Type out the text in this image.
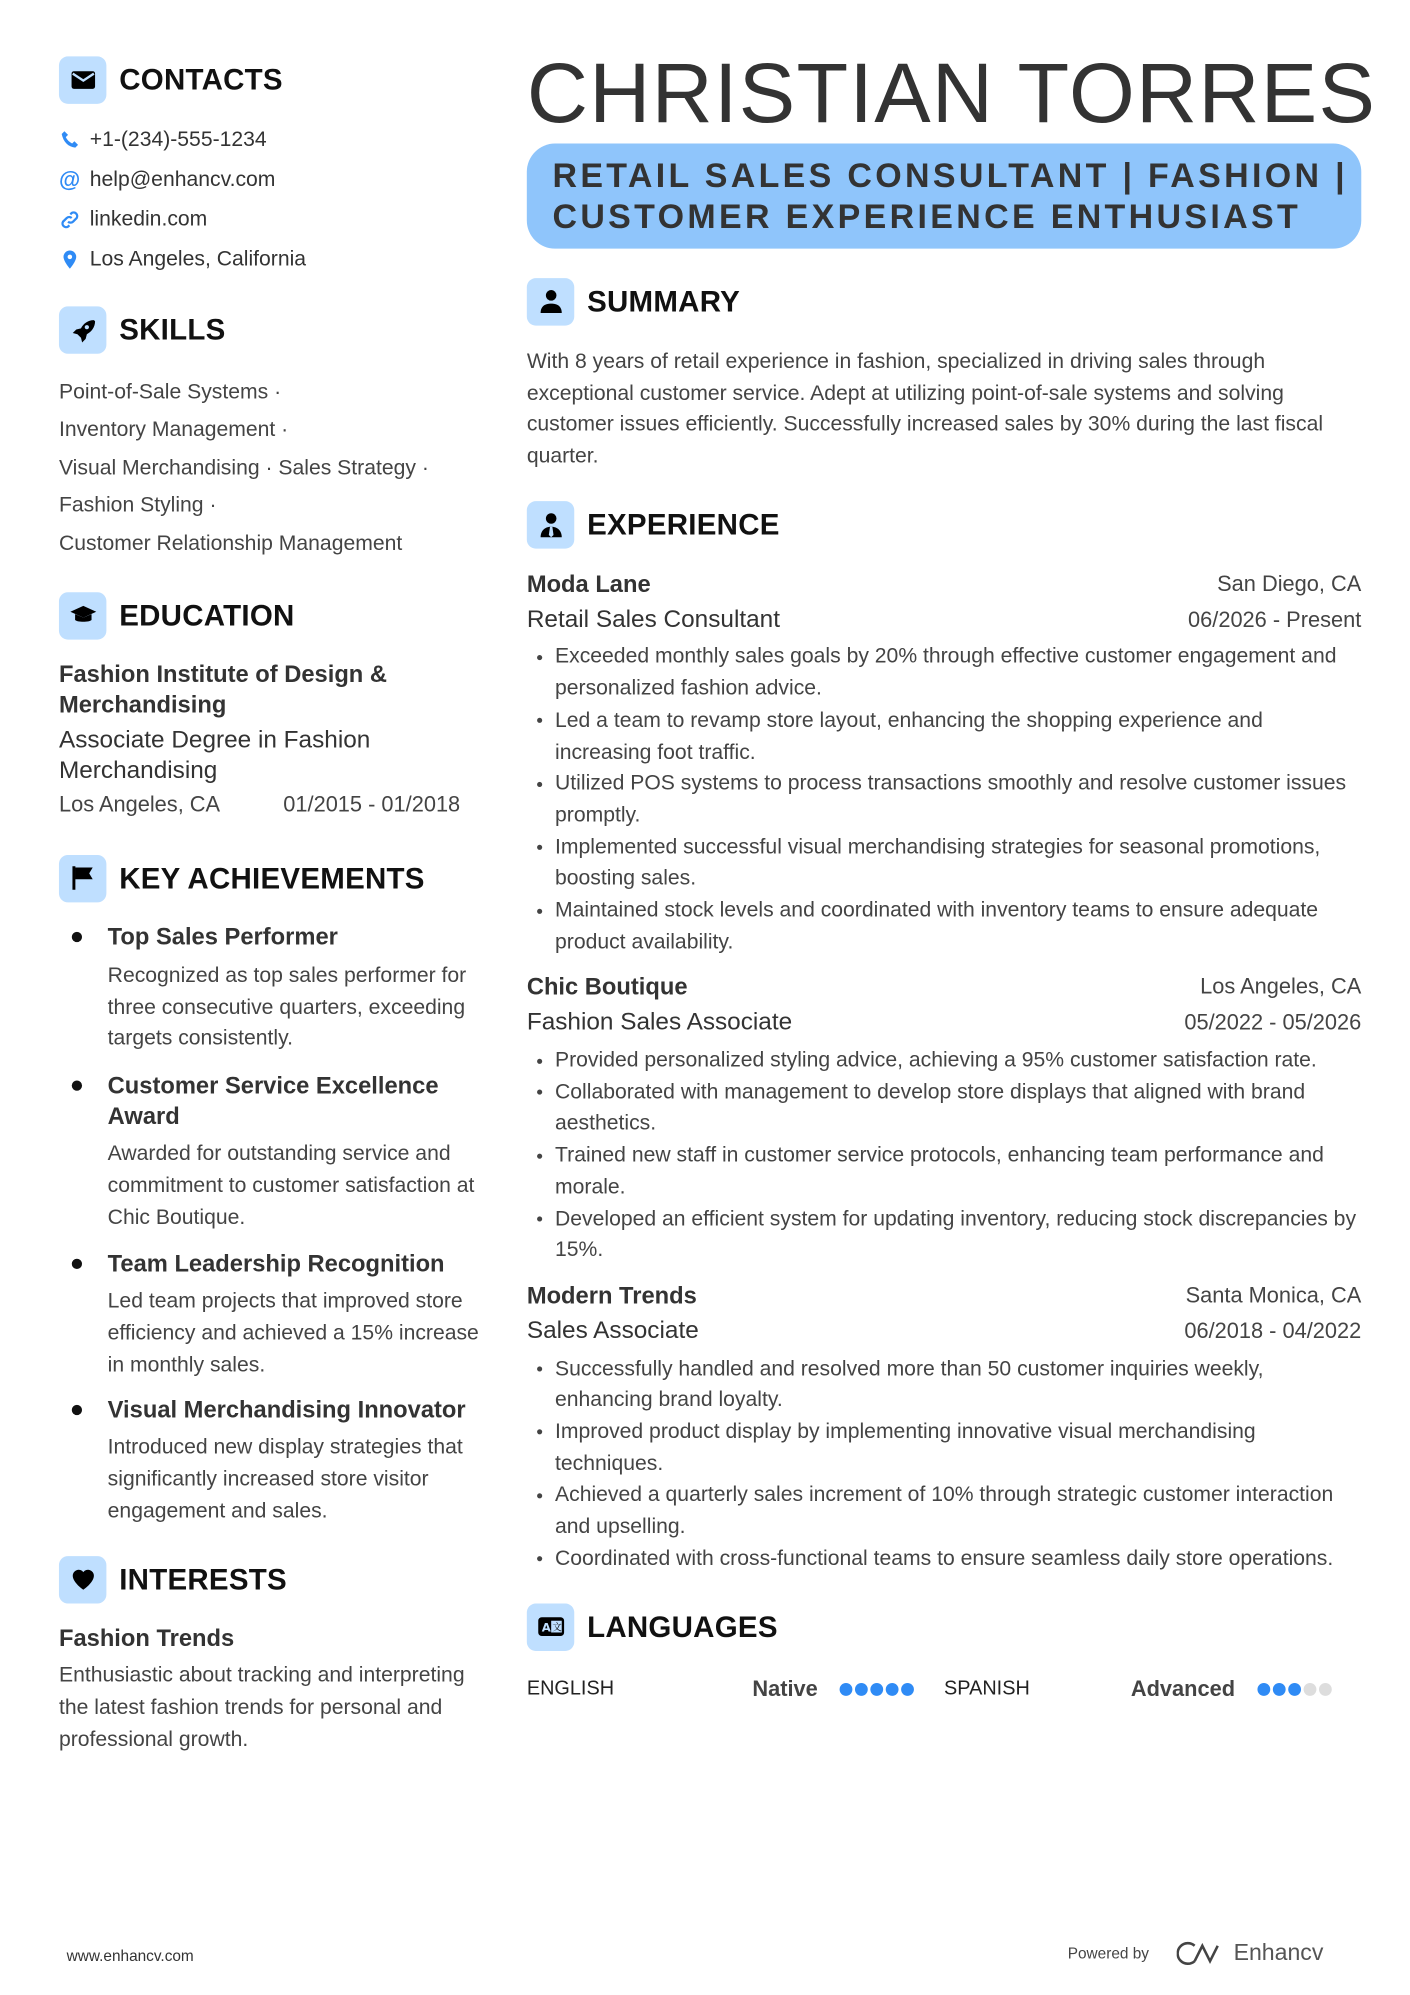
CONTACTS
+1-(234)-555-1234
@ help@enhancv.com
linkedin.com
Los Angeles, California
SKILLS
Point-of-Sale Systems ·
Inventory Management ·
Visual Merchandising · Sales Strategy ·
Fashion Styling ·
Customer Relationship Management
EDUCATION
Fashion Institute of Design & Merchandising
Associate Degree in Fashion Merchandising
Los Angeles, CA	01/2015 - 01/2018
KEY ACHIEVEMENTS
Top Sales Performer
Recognized as top sales performer for three consecutive quarters, exceeding targets consistently.
Customer Service Excellence Award
Awarded for outstanding service and commitment to customer satisfaction at Chic Boutique.
Team Leadership Recognition
Led team projects that improved store efficiency and achieved a 15% increase in monthly sales.
Visual Merchandising Innovator
Introduced new display strategies that significantly increased store visitor engagement and sales.
INTERESTS
Fashion Trends
Enthusiastic about tracking and interpreting the latest fashion trends for personal and professional growth.
CHRISTIAN TORRES
RETAIL SALES CONSULTANT | FASHION |
CUSTOMER EXPERIENCE ENTHUSIAST
SUMMARY
With 8 years of retail experience in fashion, specialized in driving sales through exceptional customer service. Adept at utilizing point-of-sale systems and solving customer issues efficiently. Successfully increased sales by 30% during the last fiscal quarter.
EXPERIENCE
Moda Lane	San Diego, CA
Retail Sales Consultant	06/2026 - Present
Exceeded monthly sales goals by 20% through effective customer engagement and personalized fashion advice.
Led a team to revamp store layout, enhancing the shopping experience and increasing foot traffic.
Utilized POS systems to process transactions smoothly and resolve customer issues promptly.
Implemented successful visual merchandising strategies for seasonal promotions, boosting sales.
Maintained stock levels and coordinated with inventory teams to ensure adequate product availability.
Chic Boutique	Los Angeles, CA
Fashion Sales Associate	05/2022 - 05/2026
Provided personalized styling advice, achieving a 95% customer satisfaction rate.
Collaborated with management to develop store displays that aligned with brand aesthetics.
Trained new staff in customer service protocols, enhancing team performance and morale.
Developed an efficient system for updating inventory, reducing stock discrepancies by 15%.
Modern Trends	Santa Monica, CA
Sales Associate	06/2018 - 04/2022
Successfully handled and resolved more than 50 customer inquiries weekly, enhancing brand loyalty.
Improved product display by implementing innovative visual merchandising techniques.
Achieved a quarterly sales increment of 10% through strategic customer interaction and upselling.
Coordinated with cross-functional teams to ensure seamless daily store operations.
A 文 LANGUAGES
ENGLISH	Native	SPANISH	Advanced
www.enhancv.com	Powered by	Enhancv
